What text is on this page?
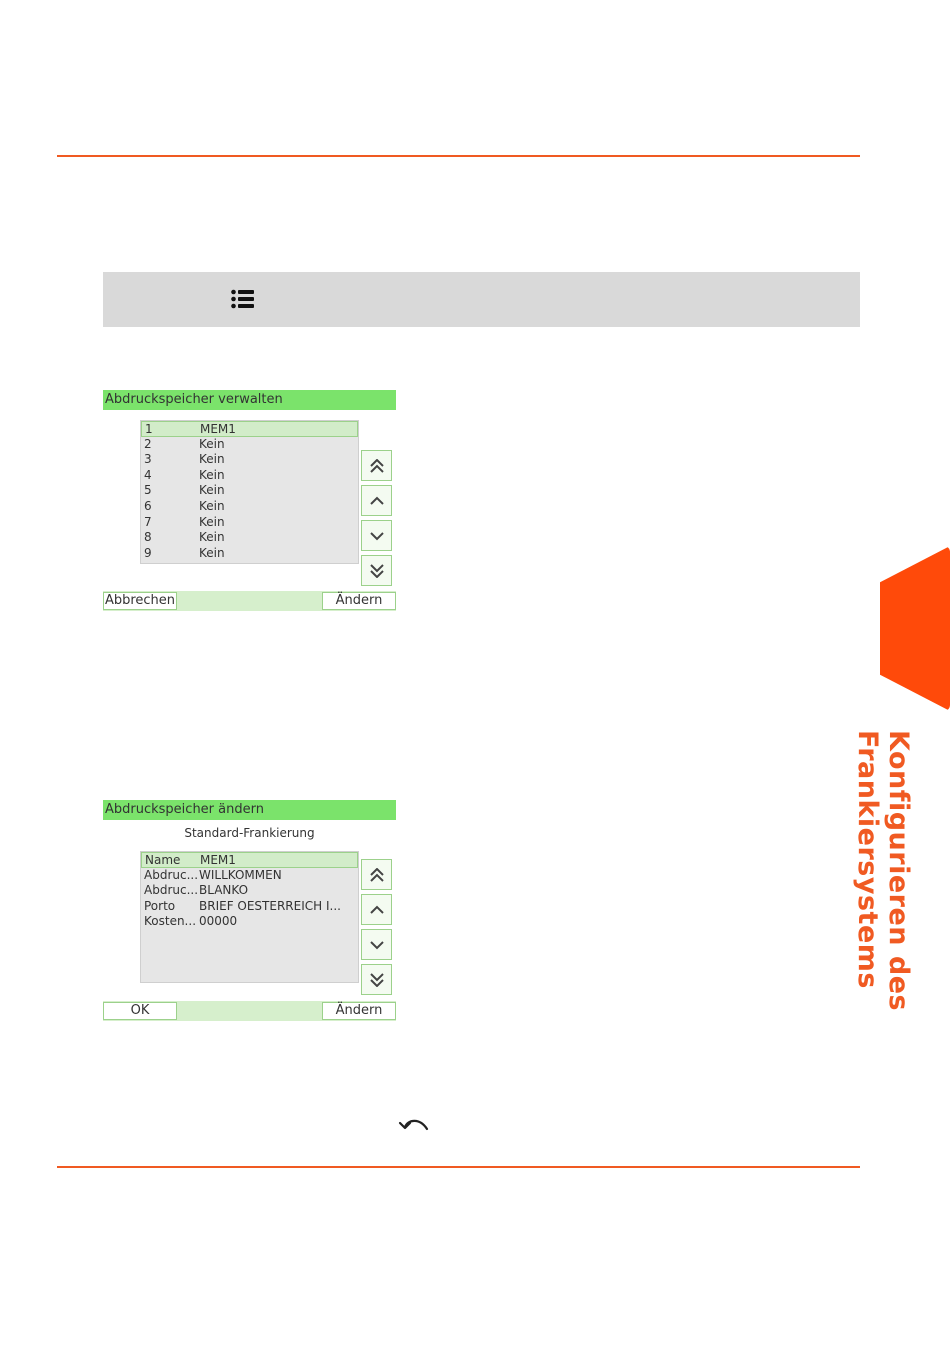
Abdruckspeicher verwalten
1	MEM1
2	Kein
3	Kein
4	Kein
5	Kein
6	Kein
7	Kein
8	Kein
9	Kein
Abbrechen	Ändern
Abdruckspeicher ändern
Standard-Frankierung
Name	MEM1
Abdruc... WILLKOMMEN
Abdruc... BLANKO
Porto	BRIEF OESTERREICH I...
Kosten... 00000
OK	Ändern	Konfigurieren des Frankiersystems
